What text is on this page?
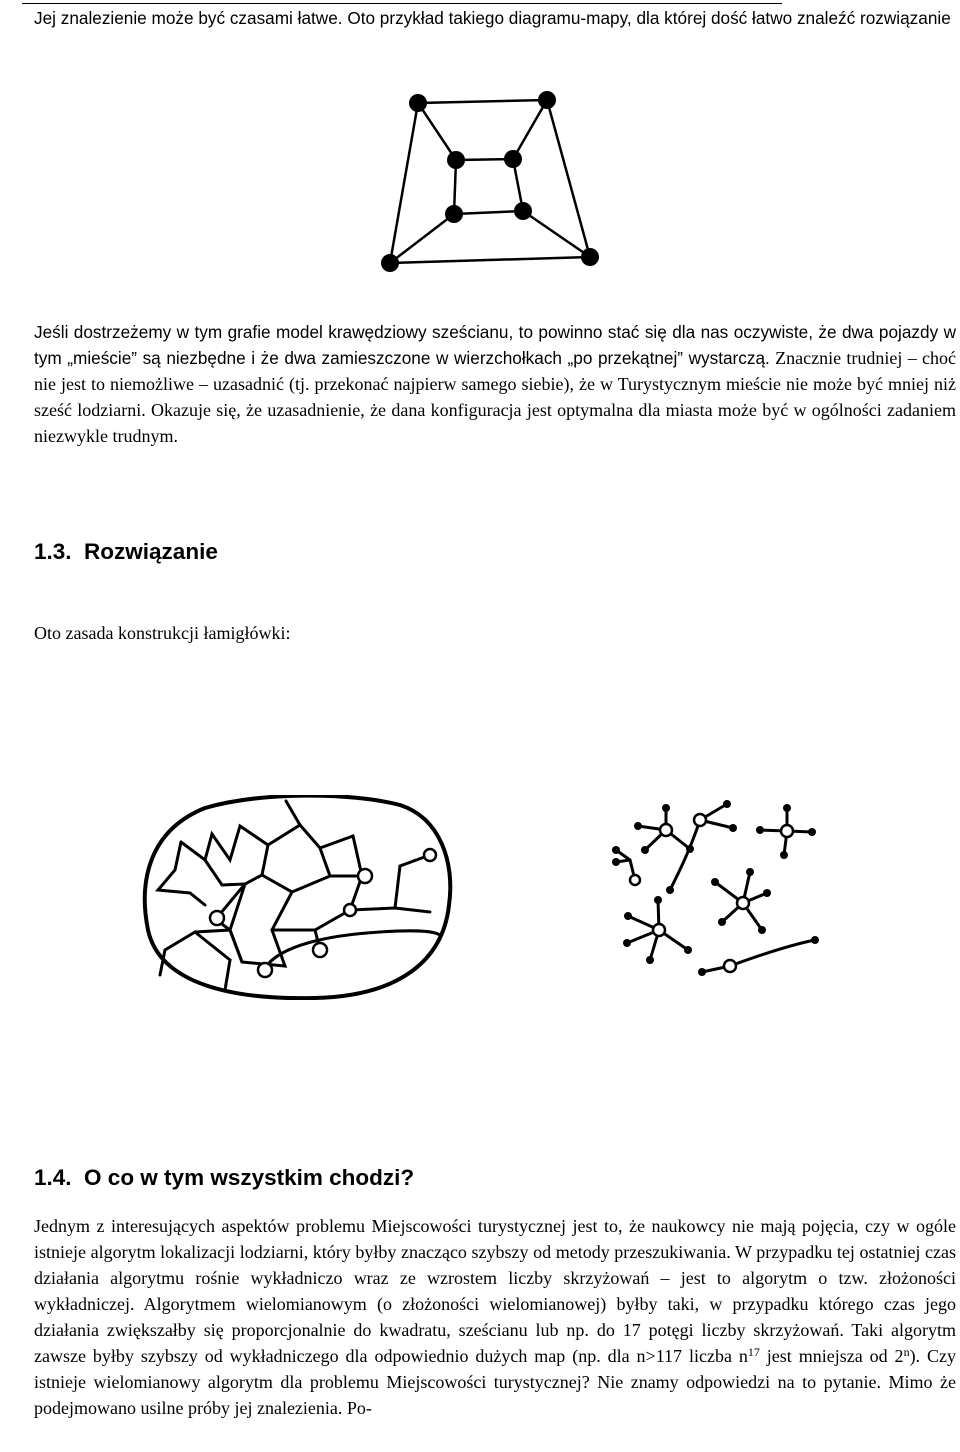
Jej znalezienie może być czasami łatwe. Oto przykład takiego diagramu-mapy, dla której dość łatwo znaleźć rozwiązanie

Jeśli dostrzeżemy w tym grafie model krawędziowy sześcianu, to powinno stać się dla nas oczywiste, że dwa pojazdy w tym „mieście” są niezbędne i że dwa zamieszczone w wierzchołkach „po przekątnej” wystarczą. Znacznie trudniej – choć nie jest to niemożliwe – uzasadnić (tj. przekonać najpierw samego siebie), że w Turystycznym mieście nie może być mniej niż sześć lodziarni. Okazuje się, że uzasadnienie, że dana konfiguracja jest optymalna dla miasta może być w ogólności zadaniem niezwykle trudnym.

1.3. Rozwiązanie

Oto zasada konstrukcji łamigłówki:

1.4. O co w tym wszystkim chodzi?

Jednym z interesujących aspektów problemu Miejscowości turystycznej jest to, że naukowcy nie mają pojęcia, czy w ogóle istnieje algorytm lokalizacji lodziarni, który byłby znacząco szybszy od metody przeszukiwania. W przypadku tej ostatniej czas działania algorytmu rośnie wykładniczo wraz ze wzrostem liczby skrzyżowań – jest to algorytm o tzw. złożoności wykładniczej. Algorytmem wielomianowym (o złożoności wielomianowej) byłby taki, w przypadku którego czas jego działania zwiększałby się proporcjonalnie do kwadratu, sześcianu lub np. do 17 potęgi liczby skrzyżowań. Taki algorytm zawsze byłby szybszy od wykładniczego dla odpowiednio dużych map (np. dla n>117 liczba $n^{17}$ jest mniejsza od 2$^n$). Czy istnieje wielomianowy algorytm dla problemu Miejscowości turystycznej? Nie znamy odpowiedzi na to pytanie. Mimo że podejmowano usilne próby jej znalezienia. Po-
